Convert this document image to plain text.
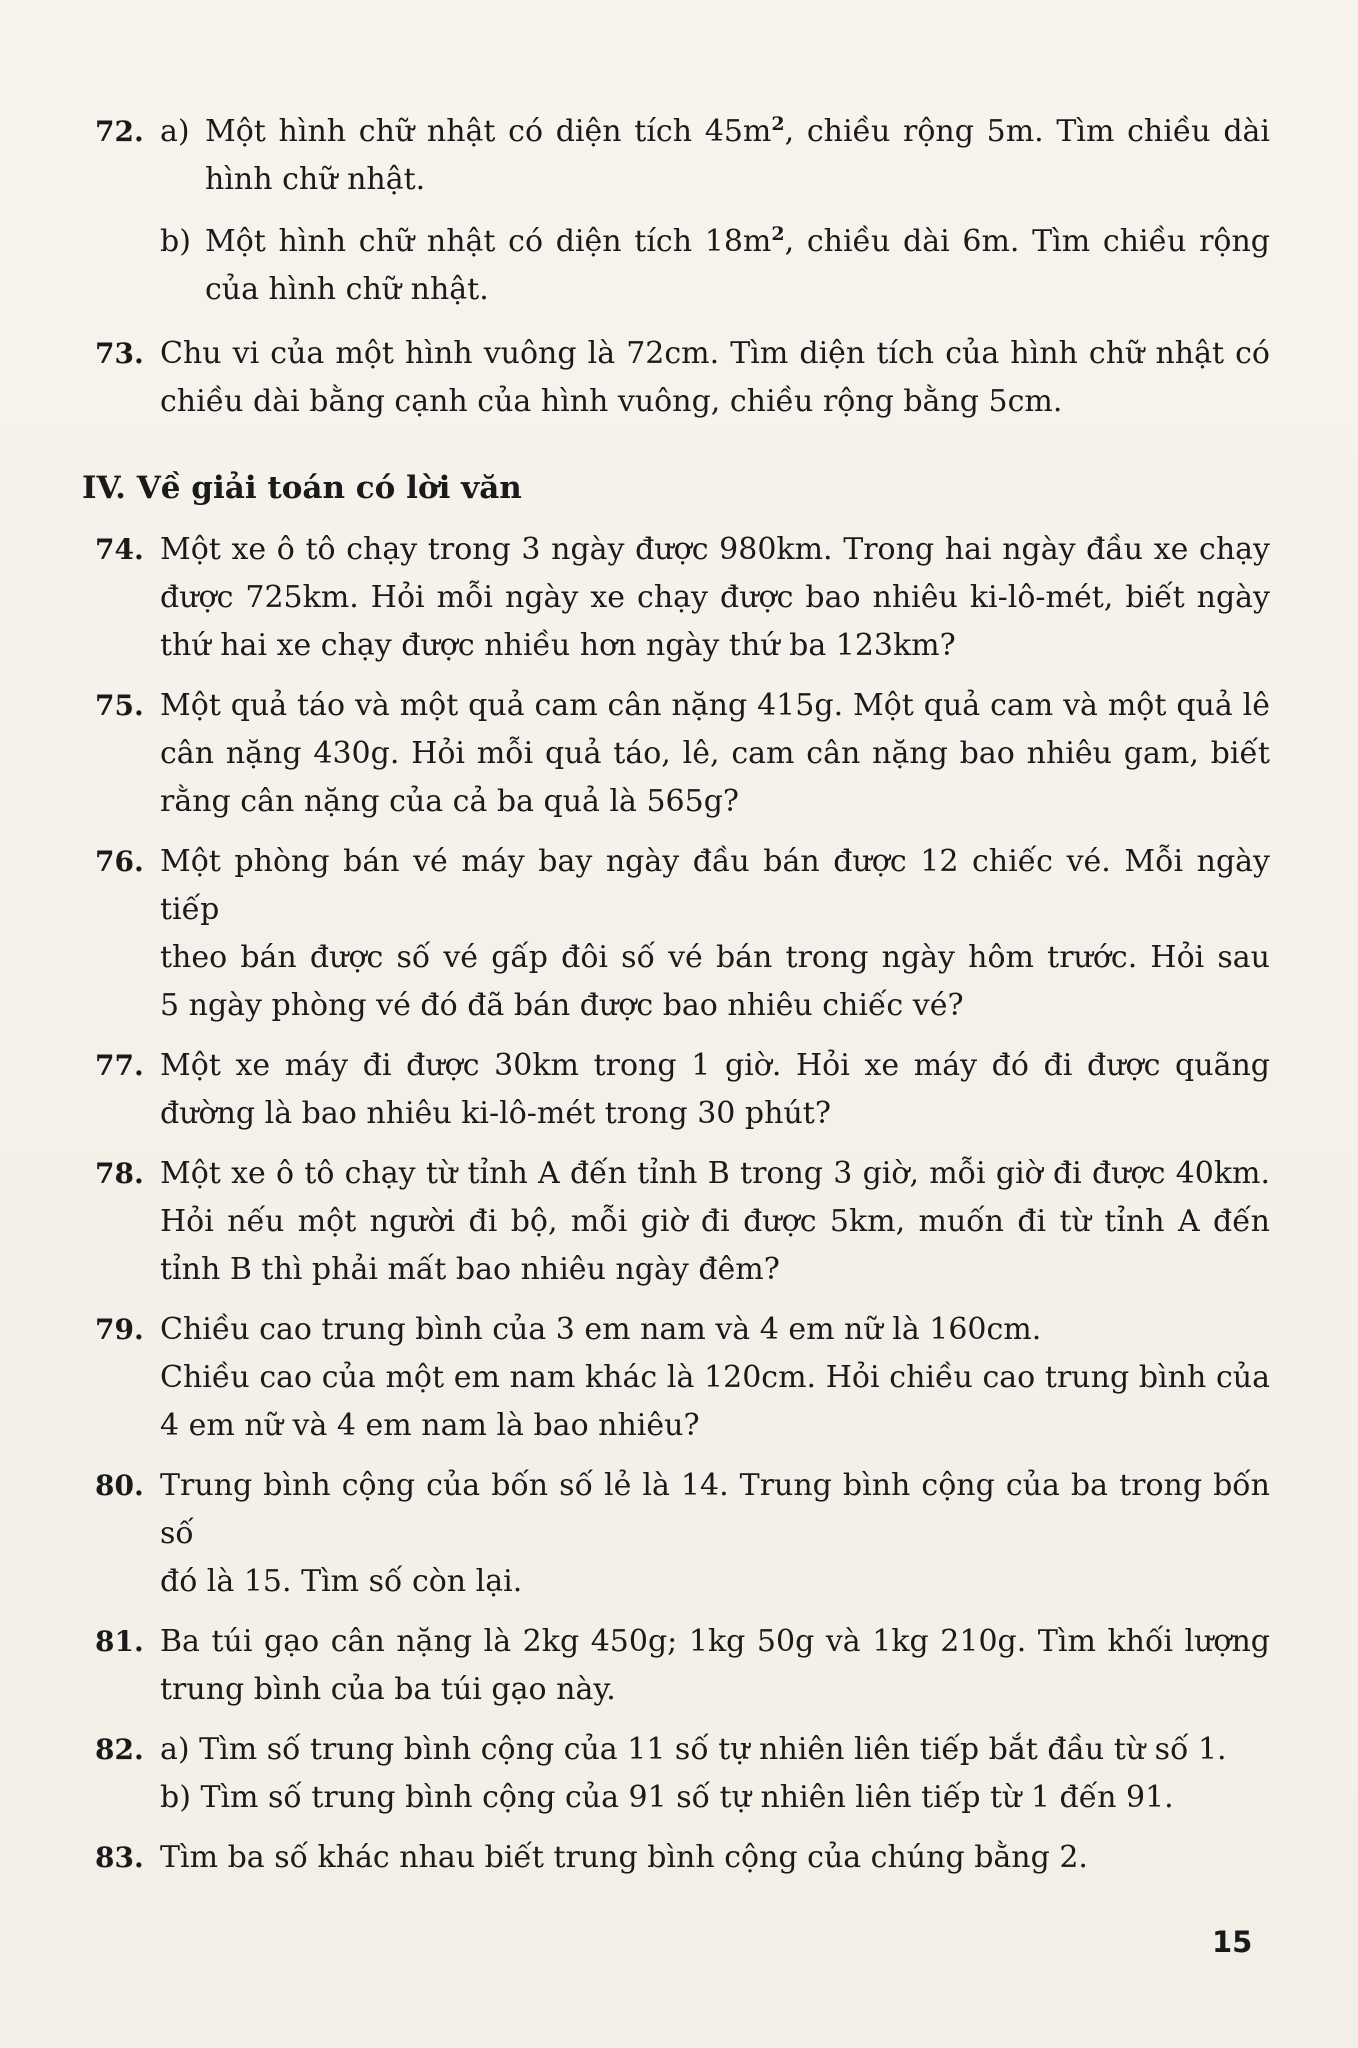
72. a) Một hình chữ nhật có diện tích $45m^2$, chiều rộng 5m. Tìm chiều dài
hình chữ nhật.
b) Một hình chữ nhật có diện tích $18m^2$, chiều dài 6m. Tìm chiều rộng
của hình chữ nhật.
73. Chu vi của một hình vuông là 72cm. Tìm diện tích của hình chữ nhật có
chiều dài bằng cạnh của hình vuông, chiều rộng bằng 5cm.
IV. Về giải toán có lời văn
74. Một xe ô tô chạy trong 3 ngày được 980km. Trong hai ngày đầu xe chạy
được 725km. Hỏi mỗi ngày xe chạy được bao nhiêu ki-lô-mét, biết ngày
thứ hai xe chạy được nhiều hơn ngày thứ ba 123km?
75. Một quả táo và một quả cam cân nặng 415g. Một quả cam và một quả lê
cân nặng 430g. Hỏi mỗi quả táo, lê, cam cân nặng bao nhiêu gam, biết
rằng cân nặng của cả ba quả là 565g?
76. Một phòng bán vé máy bay ngày đầu bán được 12 chiếc vé. Mỗi ngày tiếp
theo bán được số vé gấp đôi số vé bán trong ngày hôm trước. Hỏi sau
5 ngày phòng vé đó đã bán được bao nhiêu chiếc vé?
77. Một xe máy đi được 30km trong 1 giờ. Hỏi xe máy đó đi được quãng
đường là bao nhiêu ki-lô-mét trong 30 phút?
78. Một xe ô tô chạy từ tỉnh A đến tỉnh B trong 3 giờ, mỗi giờ đi được 40km.
Hỏi nếu một người đi bộ, mỗi giờ đi được 5km, muốn đi từ tỉnh A đến
tỉnh B thì phải mất bao nhiêu ngày đêm?
79. Chiều cao trung bình của 3 em nam và 4 em nữ là 160cm.
Chiều cao của một em nam khác là 120cm. Hỏi chiều cao trung bình của
4 em nữ và 4 em nam là bao nhiêu?
80. Trung bình cộng của bốn số lẻ là 14. Trung bình cộng của ba trong bốn số
đó là 15. Tìm số còn lại.
81. Ba túi gạo cân nặng là 2kg 450g; 1kg 50g và 1kg 210g. Tìm khối lượng
trung bình của ba túi gạo này.
82. a) Tìm số trung bình cộng của 11 số tự nhiên liên tiếp bắt đầu từ số 1.
b) Tìm số trung bình cộng của 91 số tự nhiên liên tiếp từ 1 đến 91.
83. Tìm ba số khác nhau biết trung bình cộng của chúng bằng 2.
15
